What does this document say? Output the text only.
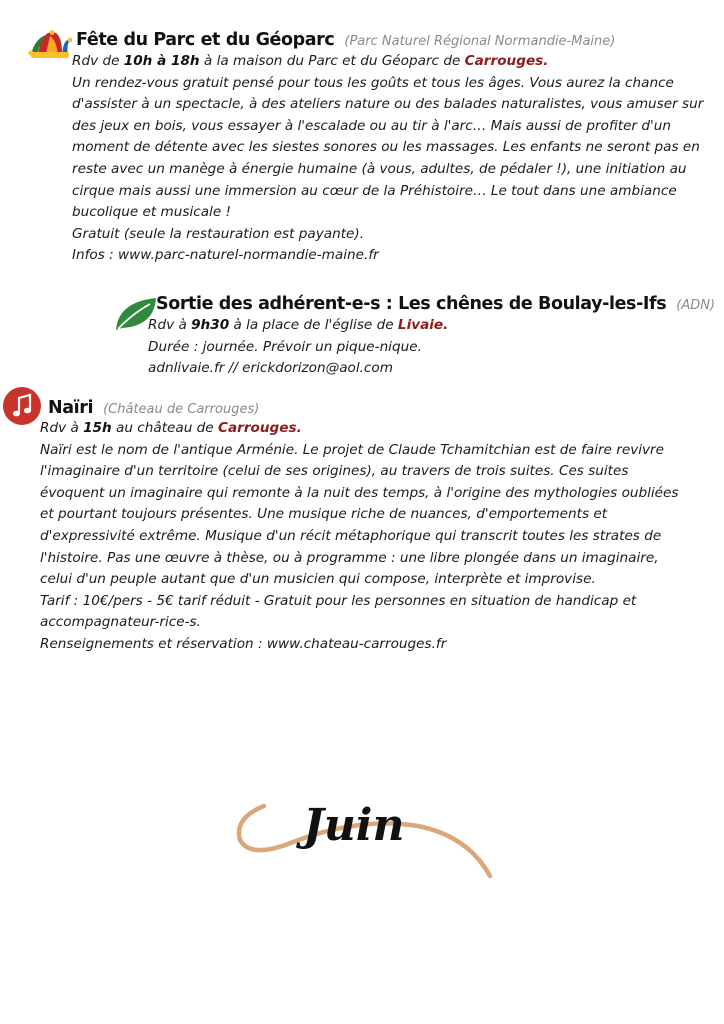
Fête du Parc et du Géoparc (Parc Naturel Régional Normandie-Maine)
Rdv de 10h à 18h à la maison du Parc et du Géoparc de Carrouges.
Un rendez-vous gratuit pensé pour tous les goûts et tous les âges. Vous aurez la chance
d'assister à un spectacle, à des ateliers nature ou des balades naturalistes, vous amuser sur
des jeux en bois, vous essayer à l'escalade ou au tir à l'arc… Mais aussi de profiter d'un
moment de détente avec les siestes sonores ou les massages. Les enfants ne seront pas en
reste avec un manège à énergie humaine (à vous, adultes, de pédaler !), une initiation au
cirque mais aussi une immersion au cœur de la Préhistoire… Le tout dans une ambiance
bucolique et musicale !
Gratuit (seule la restauration est payante).
Infos : www.parc-naturel-normandie-maine.fr
Sortie des adhérent-e-s : Les chênes de Boulay-les-Ifs (ADN)
Rdv à 9h30 à la place de l'église de Livaie.
Durée : journée. Prévoir un pique-nique.
adnlivaie.fr // erickdorizon@aol.com
Naïri (Château de Carrouges)
Rdv à 15h au château de Carrouges.
Naïri est le nom de l'antique Arménie. Le projet de Claude Tchamitchian est de faire revivre
l'imaginaire d'un territoire (celui de ses origines), au travers de trois suites. Ces suites
évoquent un imaginaire qui remonte à la nuit des temps, à l'origine des mythologies oubliées
et pourtant toujours présentes. Une musique riche de nuances, d'emportements et
d'expressivité extrême. Musique d'un récit métaphorique qui transcrit toutes les strates de
l'histoire. Pas une œuvre à thèse, ou à programme : une libre plongée dans un imaginaire,
celui d'un peuple autant que d'un musicien qui compose, interprète et improvise.
Tarif : 10€/pers - 5€ tarif réduit - Gratuit pour les personnes en situation de handicap et
accompagnateur-rice-s.
Renseignements et réservation : www.chateau-carrouges.fr
Juin
